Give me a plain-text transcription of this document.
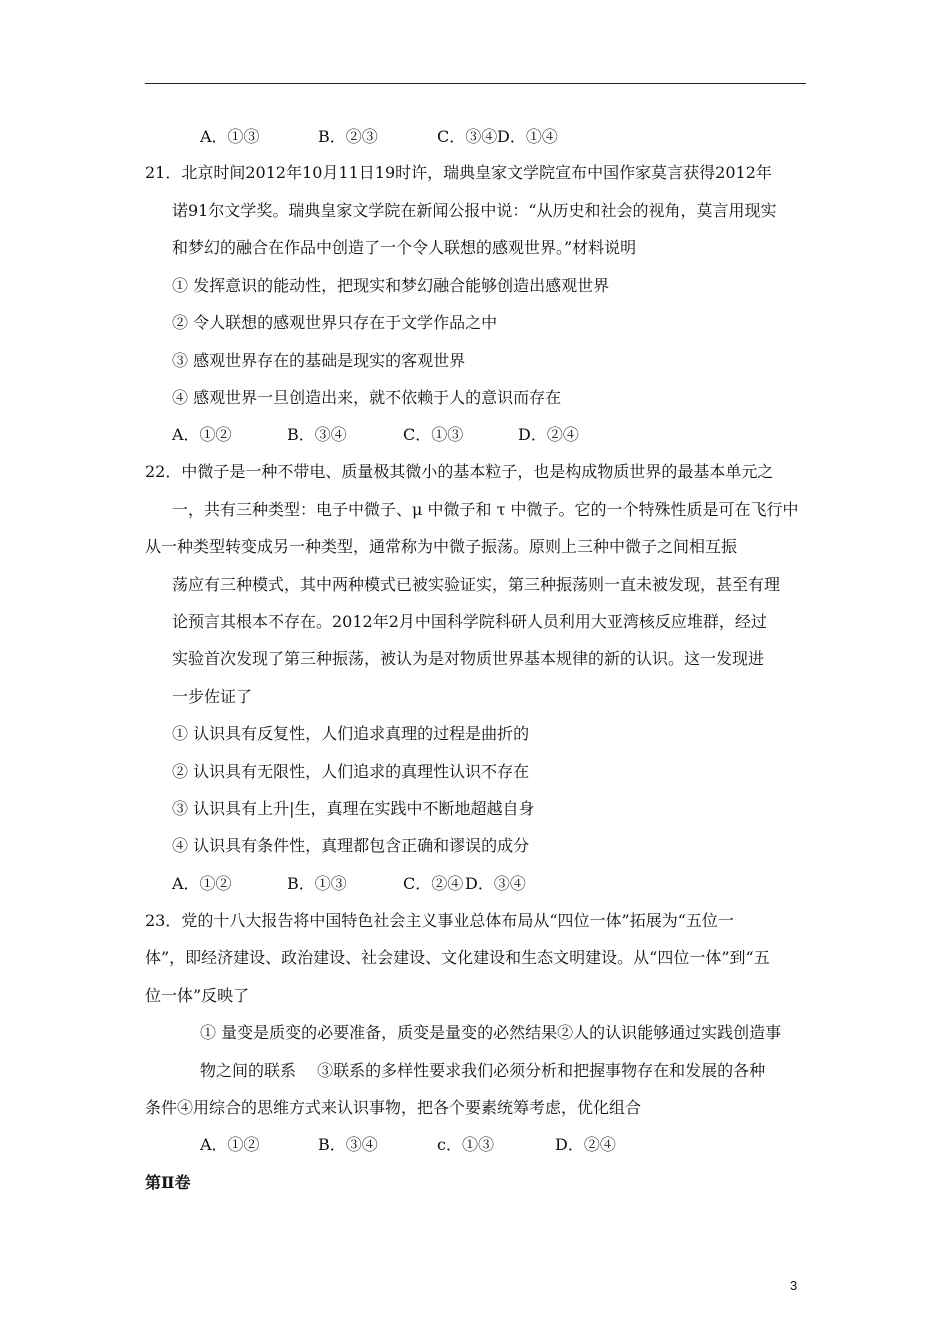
A．①③	B．②③	C．③④ D．①④
21．北京时间2012年10月11日19时许，瑞典皇家文学院宣布中国作家莫言获得2012年
诺91尔文学奖。瑞典皇家文学院在新闻公报中说：“从历史和社会的视角，莫言用现实
和梦幻的融合在作品中创造了一个令人联想的感观世界。”材料说明
① 发挥意识的能动性，把现实和梦幻融合能够创造出感观世界
② 令人联想的感观世界只存在于文学作品之中
③ 感观世界存在的基础是现实的客观世界
④ 感观世界一旦创造出来，就不依赖于人的意识而存在
A．①②	B．③④	C．①③	D．②④
22．中微子是一种不带电、质量极其微小的基本粒子，也是构成物质世界的最基本单元之
一，共有三种类型：电子中微子、μ 中微子和 τ 中微子。它的一个特殊性质是可在飞行中
从一种类型转变成另一种类型，通常称为中微子振荡。原则上三种中微子之间相互振
荡应有三种模式，其中两种模式已被实验证实，第三种振荡则一直未被发现，甚至有理
论预言其根本不存在。2012年2月中国科学院科研人员利用大亚湾核反应堆群，经过
实验首次发现了第三种振荡，被认为是对物质世界基本规律的新的认识。这一发现进
一步佐证了
① 认识具有反复性，人们追求真理的过程是曲折的
② 认识具有无限性，人们追求的真理性认识不存在
③ 认识具有上升|生，真理在实践中不断地超越自身
④ 认识具有条件性，真理都包含正确和谬误的成分
A．①②	B．①③	C．②④ D．③④
23．党的十八大报告将中国特色社会主义事业总体布局从“四位一体”拓展为“五位一
体”，即经济建设、政治建设、社会建设、文化建设和生态文明建设。从“四位一体”到“五
位一体”反映了
① 量变是质变的必要准备，质变是量变的必然结果②人的认识能够通过实践创造事
物之间的联系　 ③联系的多样性要求我们必须分析和把握事物存在和发展的各种
条件④用综合的思维方式来认识事物，把各个要素统筹考虑，优化组合
A．①②	B．③④	c．①③	D．②④
第Ⅱ卷
3
